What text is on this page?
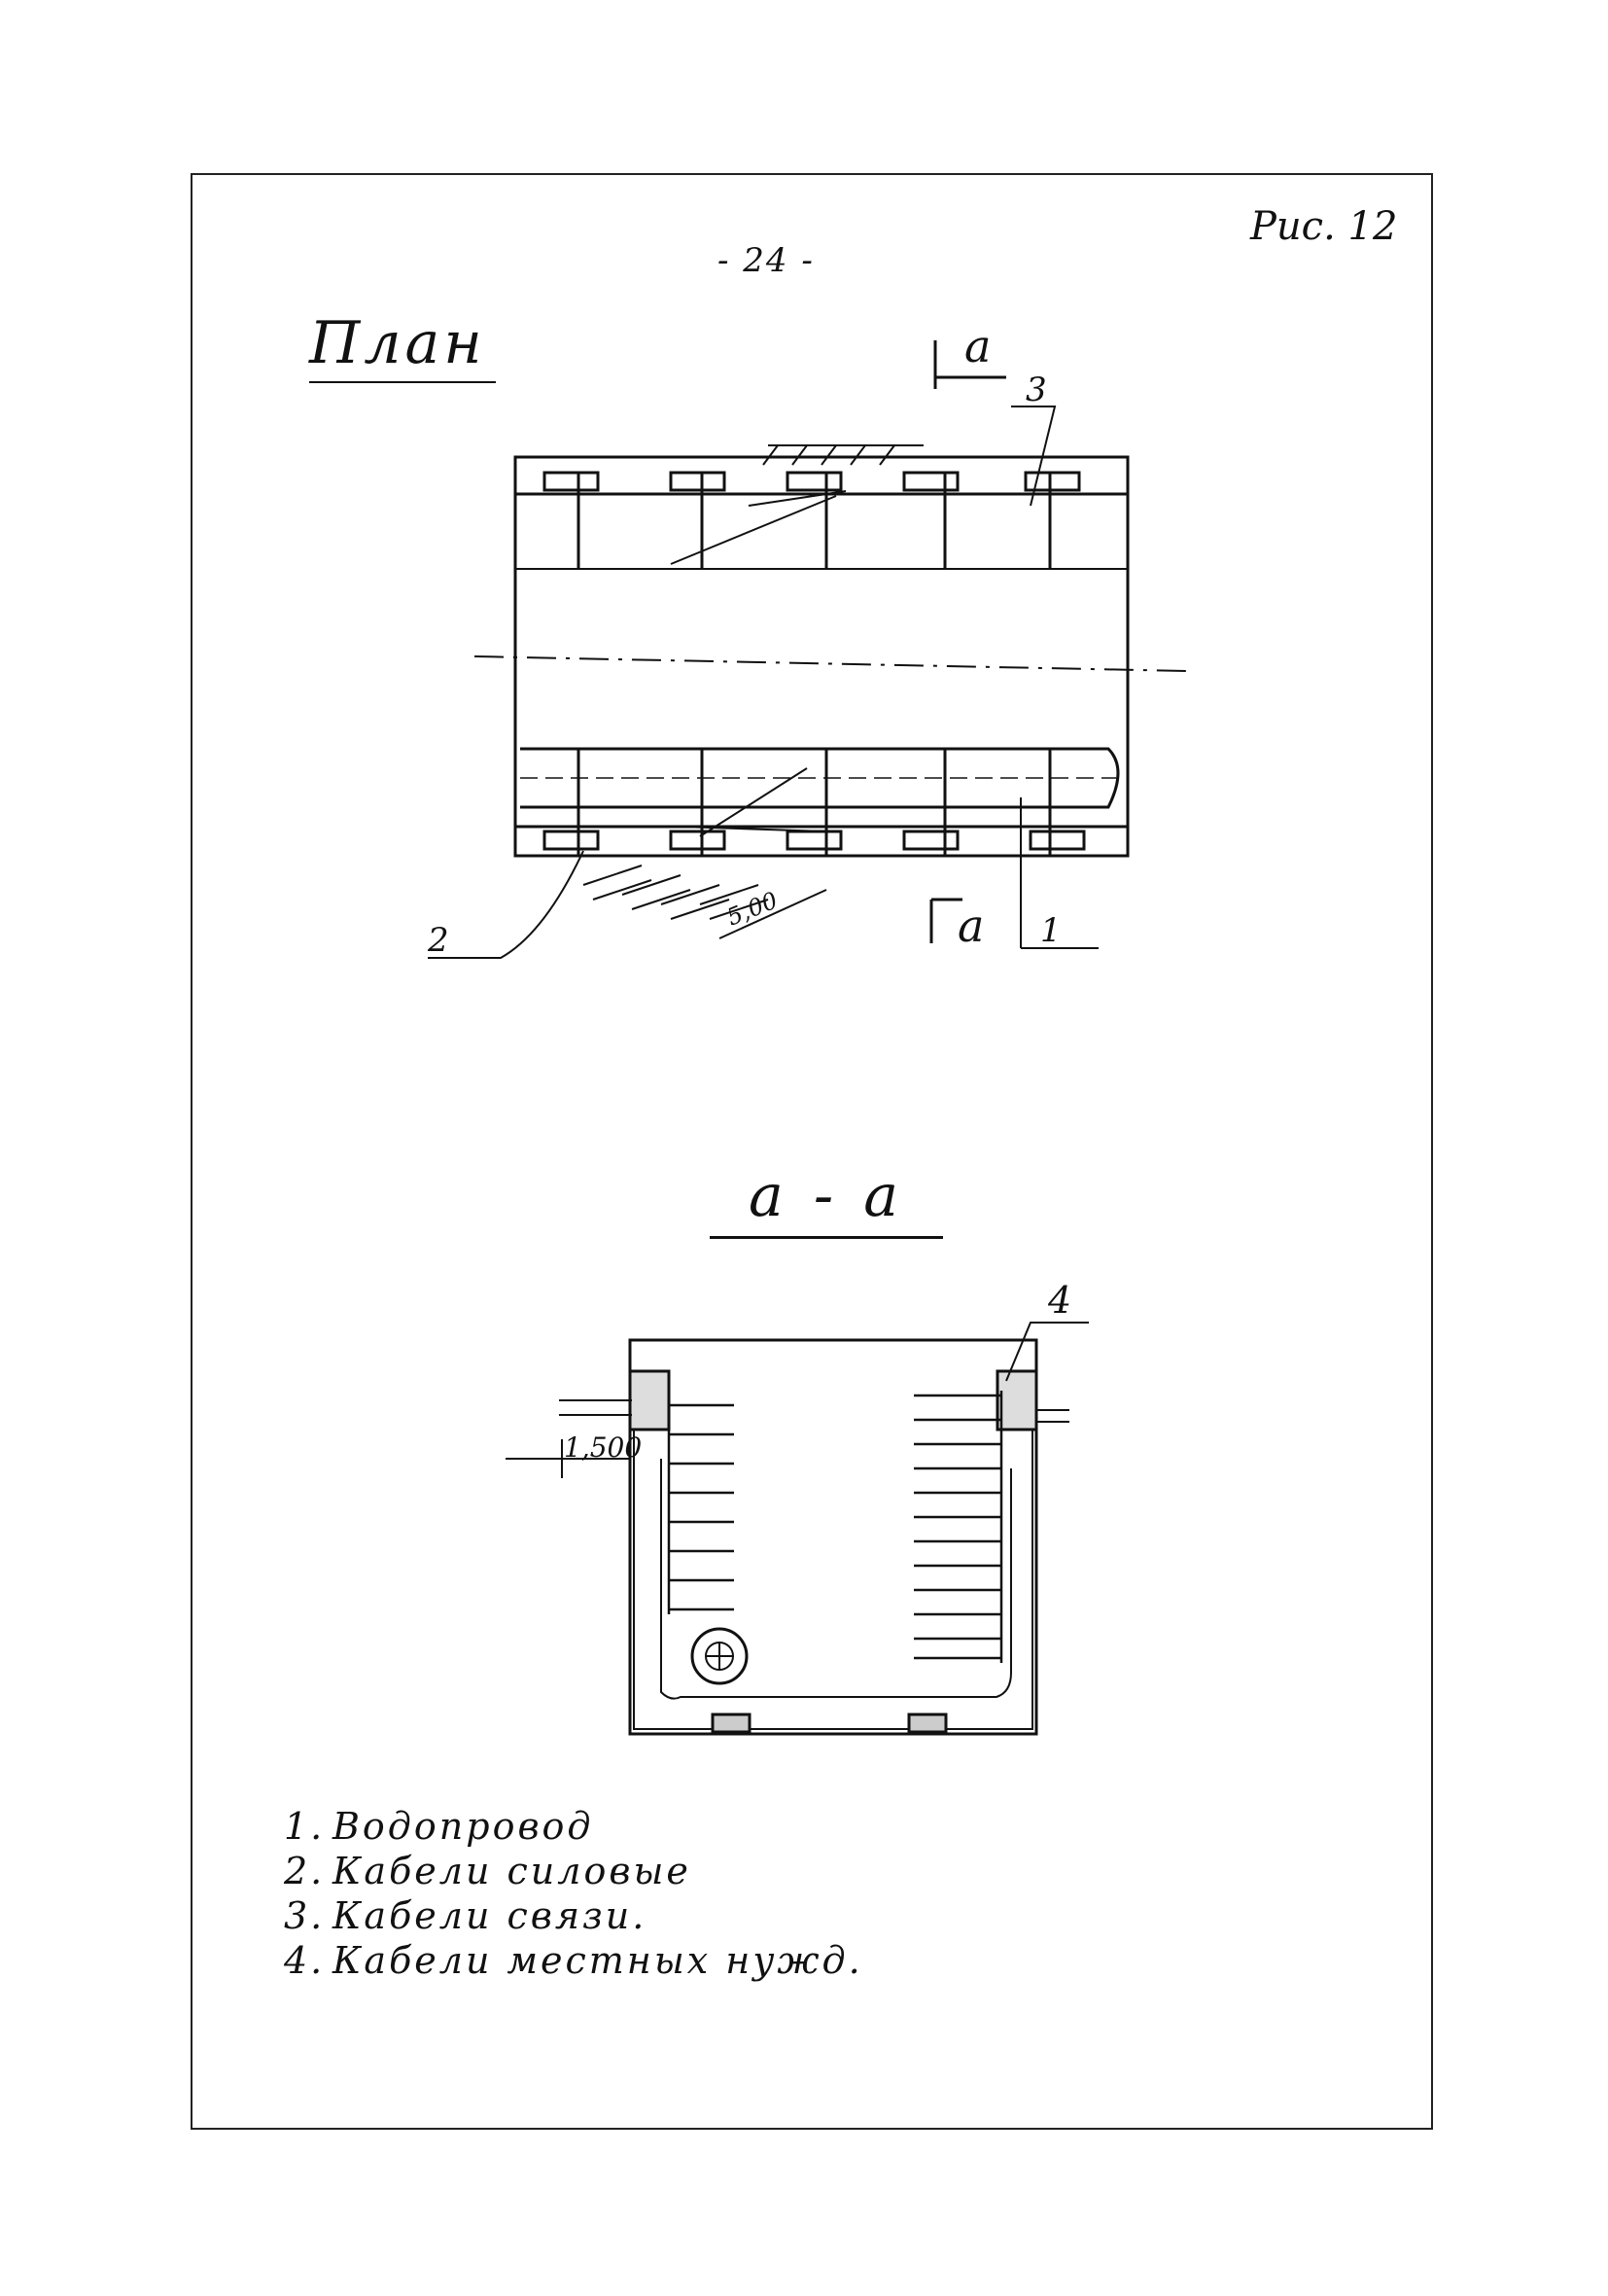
Рис. 12
- 24 -
План
а - а
а
а
3
2	1
5,00
4
1,500
1. Водопровод
2. Кабели силовые
3. Кабели связи.
4. Кабели местных нужд.
